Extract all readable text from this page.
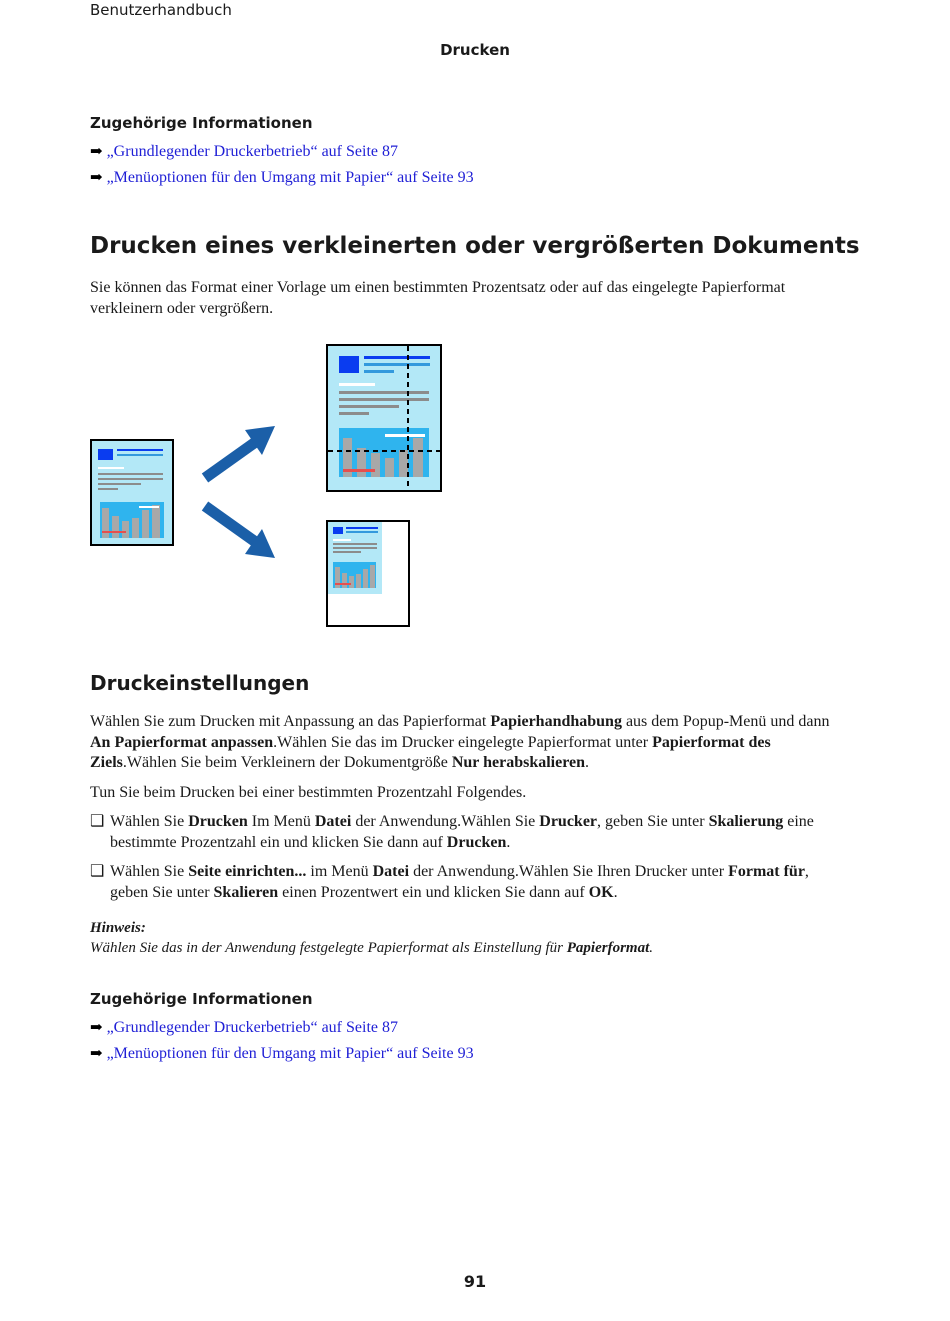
Benutzerhandbuch
Drucken
Zugehörige Informationen
➡ „Grundlegender Druckerbetrieb“ auf Seite 87
➡ „Menüoptionen für den Umgang mit Papier“ auf Seite 93
Drucken eines verkleinerten oder vergrößerten Dokuments
Sie können das Format einer Vorlage um einen bestimmten Prozentsatz oder auf das eingelegte Papierformat verkleinern oder vergrößern.
Druckeinstellungen
Wählen Sie zum Drucken mit Anpassung an das Papierformat Papierhandhabung aus dem Popup-Menü und dann An Papierformat anpassen.Wählen Sie das im Drucker eingelegte Papierformat unter Papierformat des Ziels.Wählen Sie beim Verkleinern der Dokumentgröße Nur herabskalieren.
Tun Sie beim Drucken bei einer bestimmten Prozentzahl Folgendes.
❑ Wählen Sie Drucken Im Menü Datei der Anwendung.Wählen Sie Drucker, geben Sie unter Skalierung eine bestimmte Prozentzahl ein und klicken Sie dann auf Drucken.
❑ Wählen Sie Seite einrichten... im Menü Datei der Anwendung.Wählen Sie Ihren Drucker unter Format für, geben Sie unter Skalieren einen Prozentwert ein und klicken Sie dann auf OK.
Hinweis:
Wählen Sie das in der Anwendung festgelegte Papierformat als Einstellung für Papierformat.
Zugehörige Informationen
➡ „Grundlegender Druckerbetrieb“ auf Seite 87
➡ „Menüoptionen für den Umgang mit Papier“ auf Seite 93
91
